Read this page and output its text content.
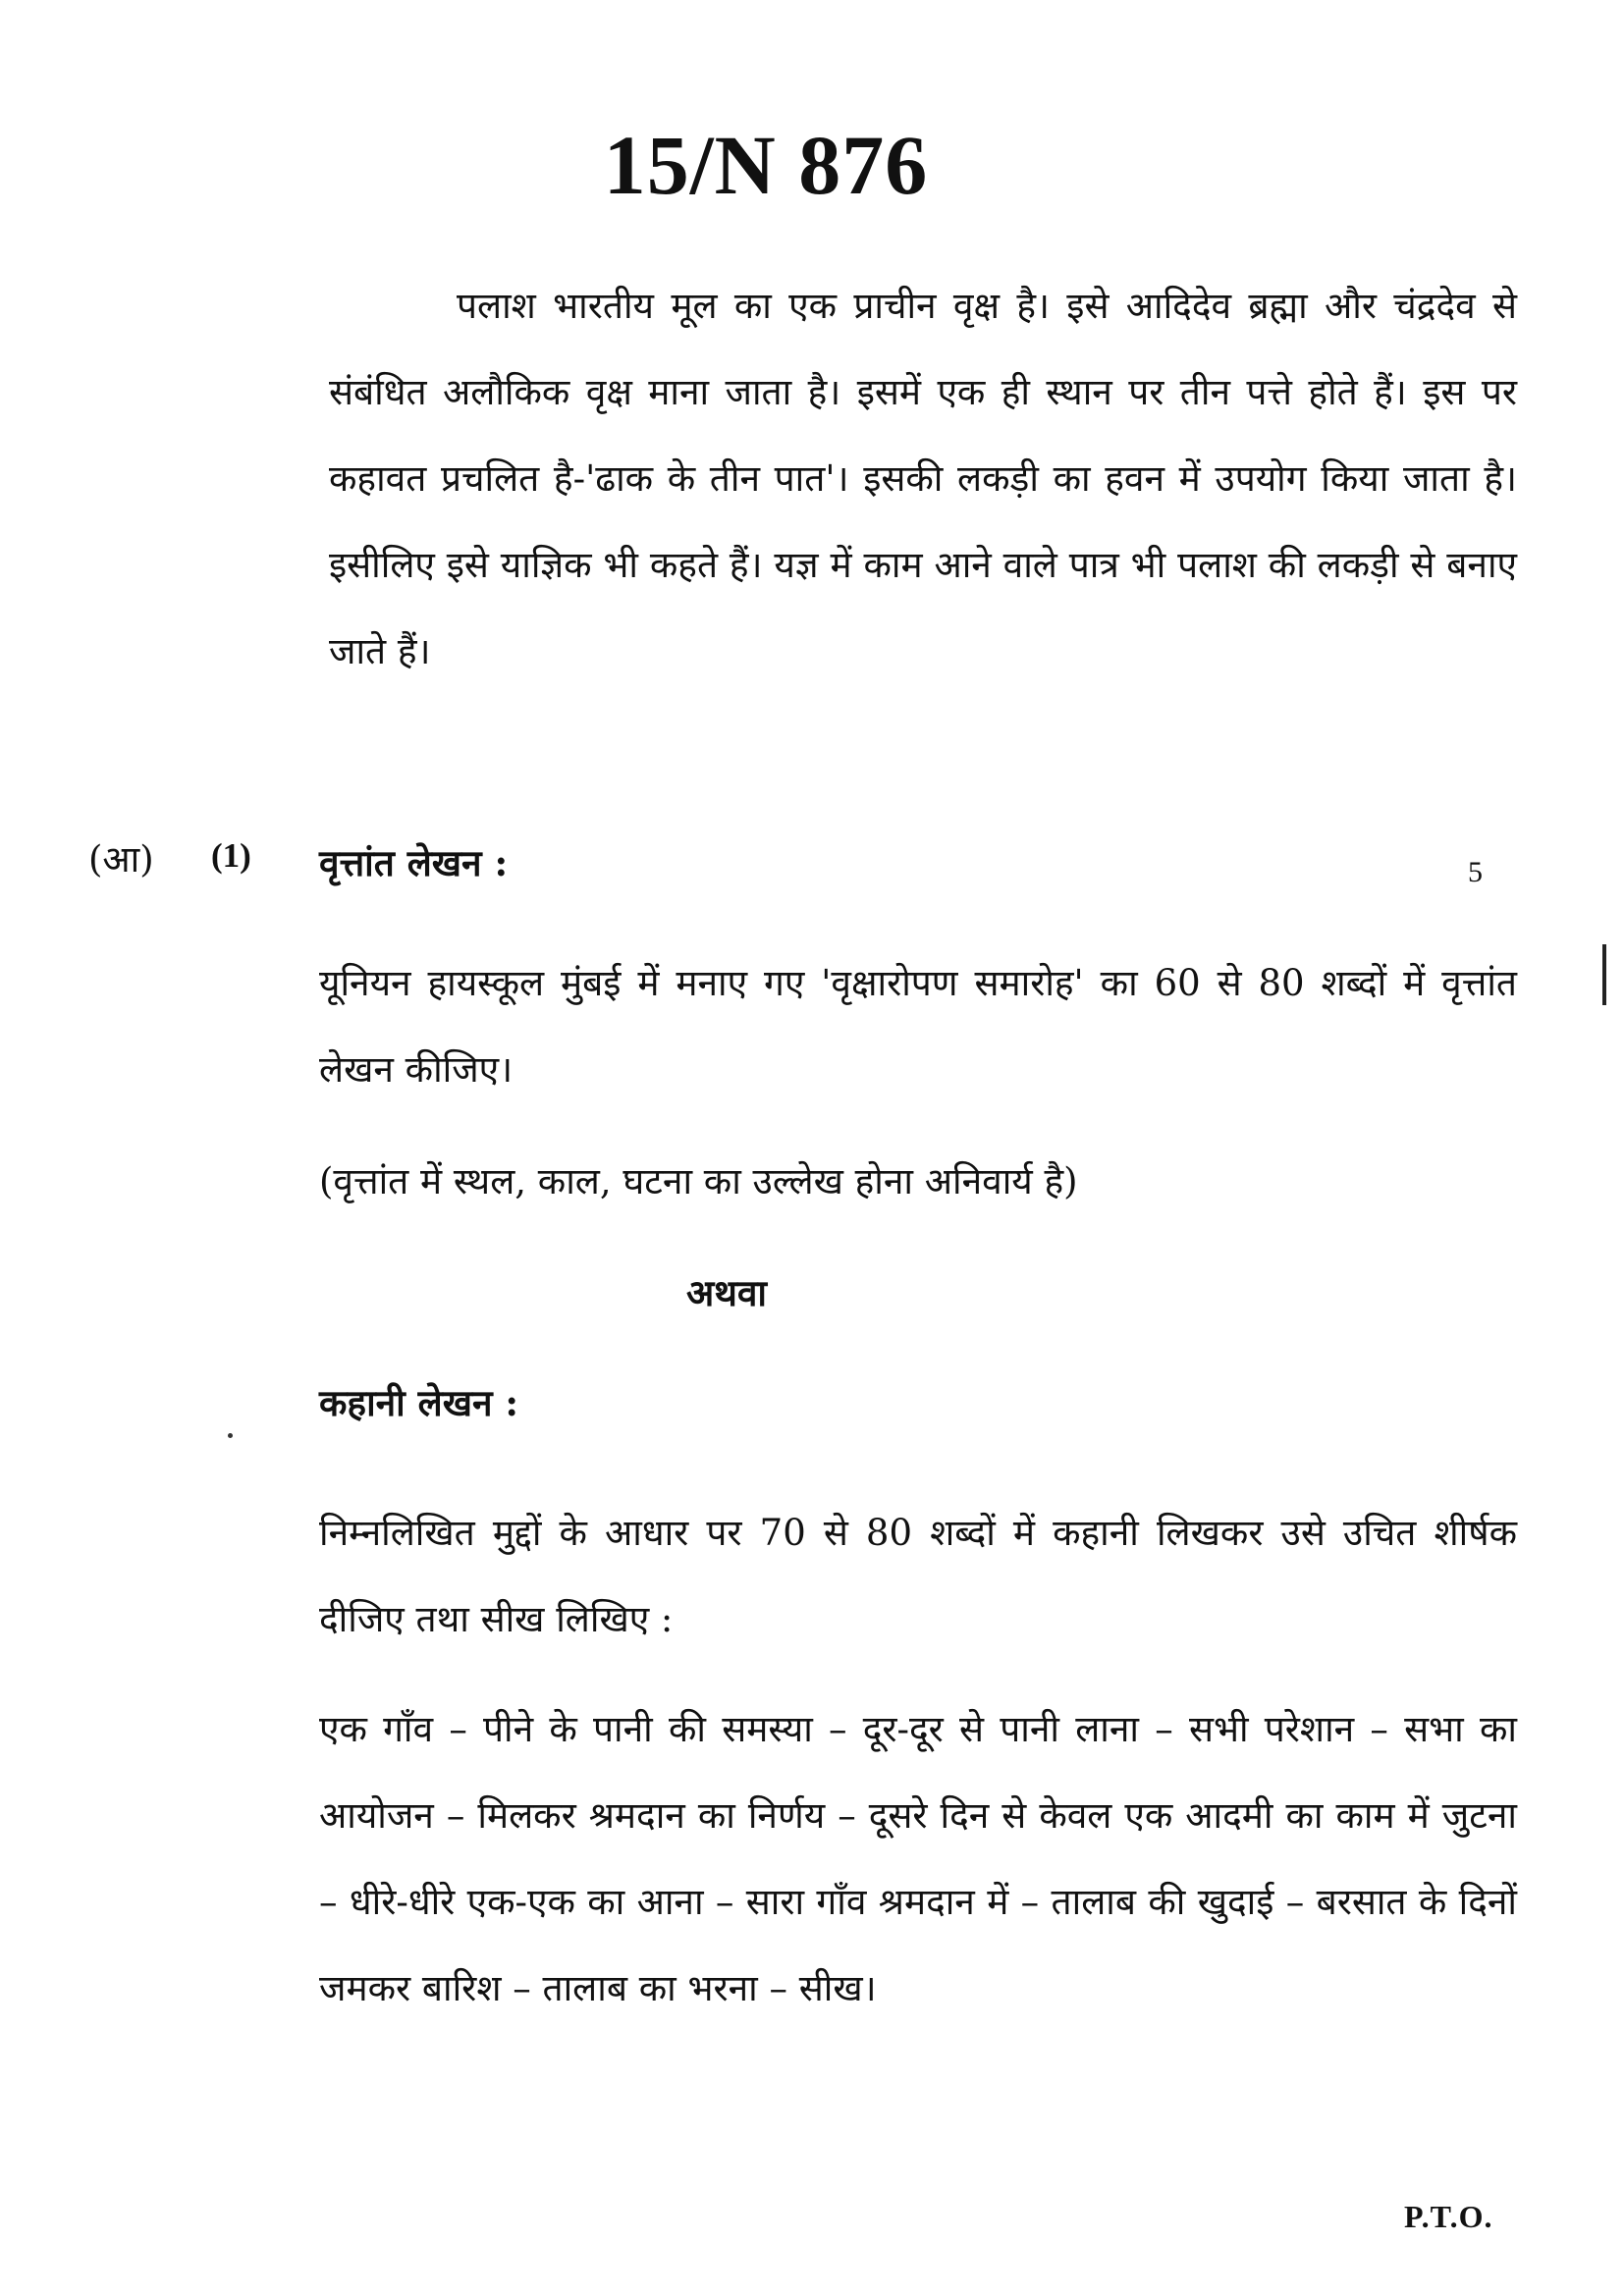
15/N 876

पलाश भारतीय मूल का एक प्राचीन वृक्ष है। इसे आदिदेव ब्रह्मा और चंद्रदेव से संबंधित अलौकिक वृक्ष माना जाता है। इसमें एक ही स्थान पर तीन पत्ते होते हैं। इस पर कहावत प्रचलित है-'ढाक के तीन पात'। इसकी लकड़ी का हवन में उपयोग किया जाता है। इसीलिए इसे याज्ञिक भी कहते हैं। यज्ञ में काम आने वाले पात्र भी पलाश की लकड़ी से बनाए जाते हैं।

(आ) (1) वृत्तांत लेखन :	5

यूनियन हायस्कूल मुंबई में मनाए गए 'वृक्षारोपण समारोह' का 60 से 80 शब्दों में वृत्तांत लेखन कीजिए।

(वृत्तांत में स्थल, काल, घटना का उल्लेख होना अनिवार्य है)

अथवा
कहानी लेखन :

निम्नलिखित मुद्दों के आधार पर 70 से 80 शब्दों में कहानी लिखकर उसे उचित शीर्षक दीजिए तथा सीख लिखिए :

एक गाँव – पीने के पानी की समस्या – दूर-दूर से पानी लाना – सभी परेशान – सभा का आयोजन – मिलकर श्रमदान का निर्णय – दूसरे दिन से केवल एक आदमी का काम में जुटना – धीरे-धीरे एक-एक का आना – सारा गाँव श्रमदान में – तालाब की खुदाई – बरसात के दिनों जमकर बारिश – तालाब का भरना – सीख।

P.T.O.
